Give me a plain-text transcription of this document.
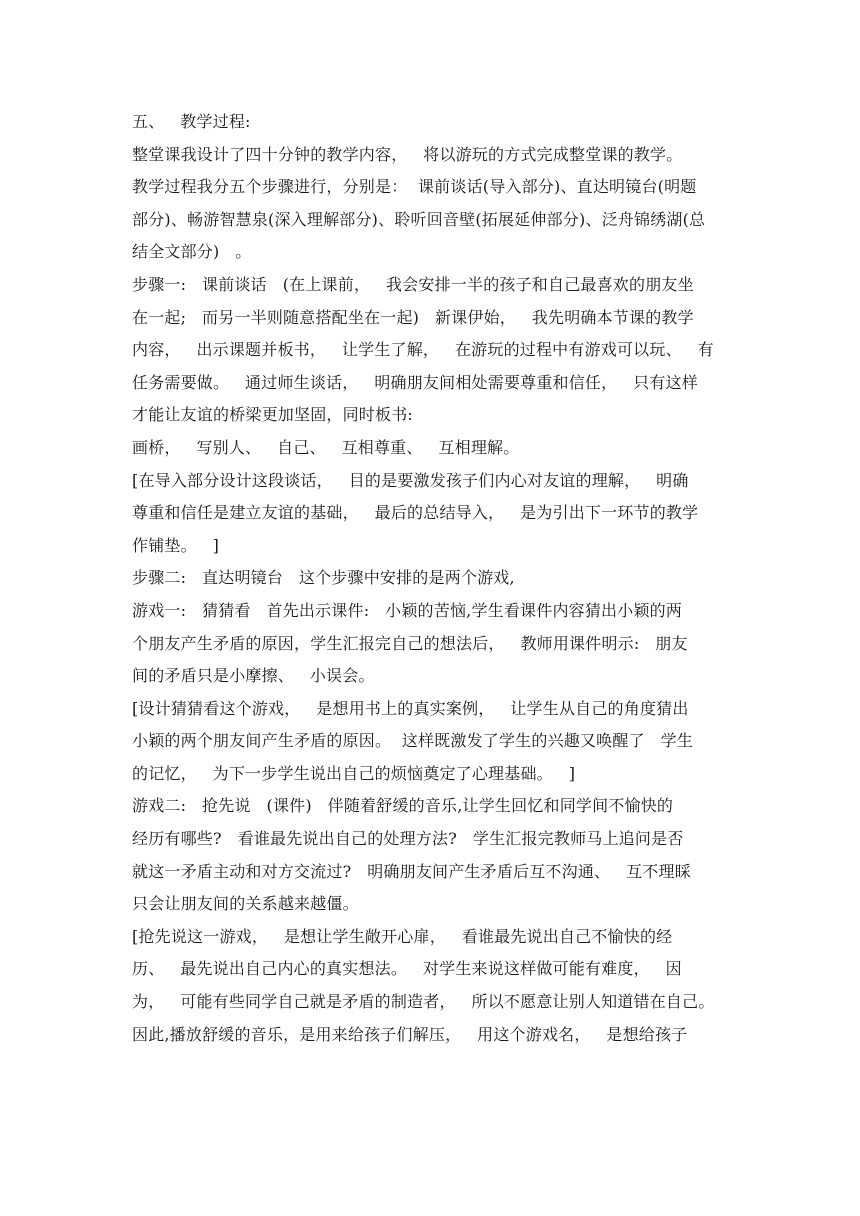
五、   教学过程:
整堂课我设计了四十分钟的教学内容，   将以游玩的方式完成整堂课的教学。
教学过程我分五个步骤进行，分别是：  课前谈话(导入部分)、直达明镜台(明题
部分)、畅游智慧泉(深入理解部分)、聆听回音壁(拓展延伸部分)、泛舟锦绣湖(总
结全文部分)   。
步骤一:   课前谈话   (在上课前，   我会安排一半的孩子和自己最喜欢的朋友坐
在一起;   而另一半则随意搭配坐在一起)   新课伊始，   我先明确本节课的教学
内容，   出示课题并板书，   让学生了解，   在游玩的过程中有游戏可以玩、   有
任务需要做。   通过师生谈话，   明确朋友间相处需要尊重和信任，   只有这样
才能让友谊的桥梁更加坚固，同时板书:
画桥，   写别人、   自己、   互相尊重、   互相理解。
[在导入部分设计这段谈话，   目的是要激发孩子们内心对友谊的理解，   明确
尊重和信任是建立友谊的基础，   最后的总结导入，   是为引出下一环节的教学
作铺垫。   ]
步骤二:   直达明镜台   这个步骤中安排的是两个游戏,
游戏一:   猜猜看   首先出示课件:   小颖的苦恼,学生看课件内容猜出小颖的两
个朋友产生矛盾的原因，学生汇报完自己的想法后，   教师用课件明示:   朋友
间的矛盾只是小摩擦、   小误会。
[设计猜猜看这个游戏，   是想用书上的真实案例，   让学生从自己的角度猜出
小颖的两个朋友间产生矛盾的原因。  这样既激发了学生的兴趣又唤醒了   学生
的记忆，   为下一步学生说出自己的烦恼奠定了心理基础。   ]
游戏二:   抢先说   (课件)   伴随着舒缓的音乐,让学生回忆和同学间不愉快的
经历有哪些?   看谁最先说出自己的处理方法?   学生汇报完教师马上追问是否
就这一矛盾主动和对方交流过?   明确朋友间产生矛盾后互不沟通、   互不理睬
只会让朋友间的关系越来越僵。
[抢先说这一游戏，   是想让学生敞开心扉，   看谁最先说出自己不愉快的经
历、   最先说出自己内心的真实想法。   对学生来说这样做可能有难度，   因
为，   可能有些同学自己就是矛盾的制造者，   所以不愿意让别人知道错在自己。
因此,播放舒缓的音乐，是用来给孩子们解压，   用这个游戏名，   是想给孩子
